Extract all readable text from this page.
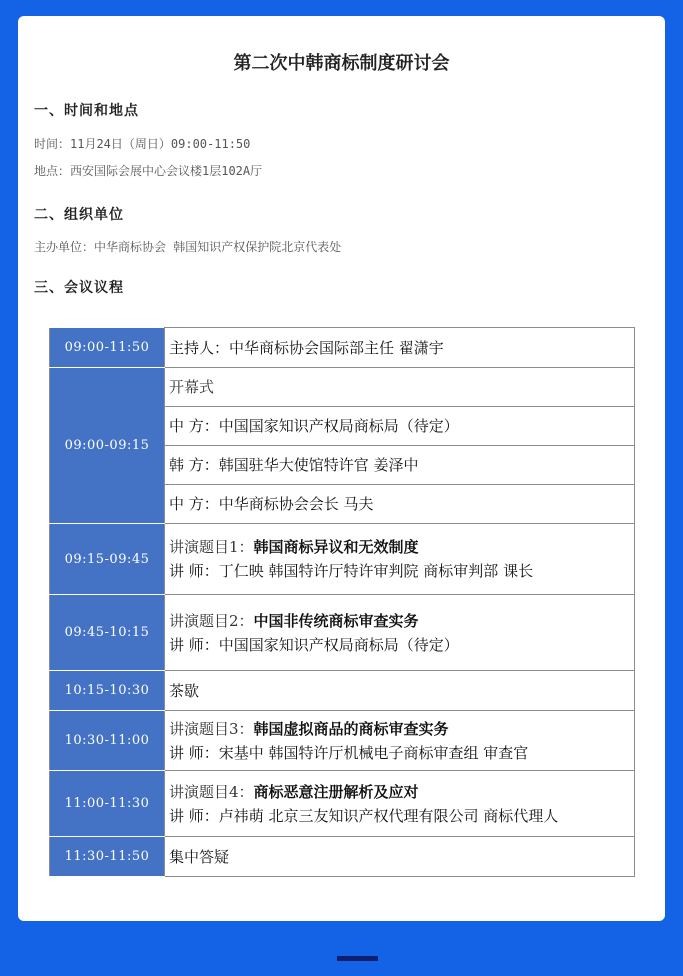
第二次中韩商标制度研讨会
一、时间和地点
时间：11月24日（周日）09:00-11:50
地点：西安国际会展中心会议楼1层102A厅
二、组织单位
主办单位：中华商标协会 韩国知识产权保护院北京代表处
三、会议议程
09:00-11:50	主持人：中华商标协会国际部主任 翟潇宇

09:00-09:15	开幕式

	中 方：中国国家知识产权局商标局（待定）

	韩 方：韩国驻华大使馆特许官 姜泽中

	中 方：中华商标协会会长 马夫

09:15-09:45	讲演题目1：韩国商标异议和无效制度
讲 师：丁仁映 韩国特许厅特许审判院 商标审判部 课长

09:45-10:15	讲演题目2：中国非传统商标审查实务
讲 师：中国国家知识产权局商标局（待定）

10:15-10:30	茶歇

10:30-11:00	讲演题目3：韩国虚拟商品的商标审查实务
讲 师：宋基中 韩国特许厅机械电子商标审查组 审查官

11:00-11:30	讲演题目4：商标恶意注册解析及应对
讲 师：卢祎萌 北京三友知识产权代理有限公司 商标代理人

11:30-11:50	集中答疑
